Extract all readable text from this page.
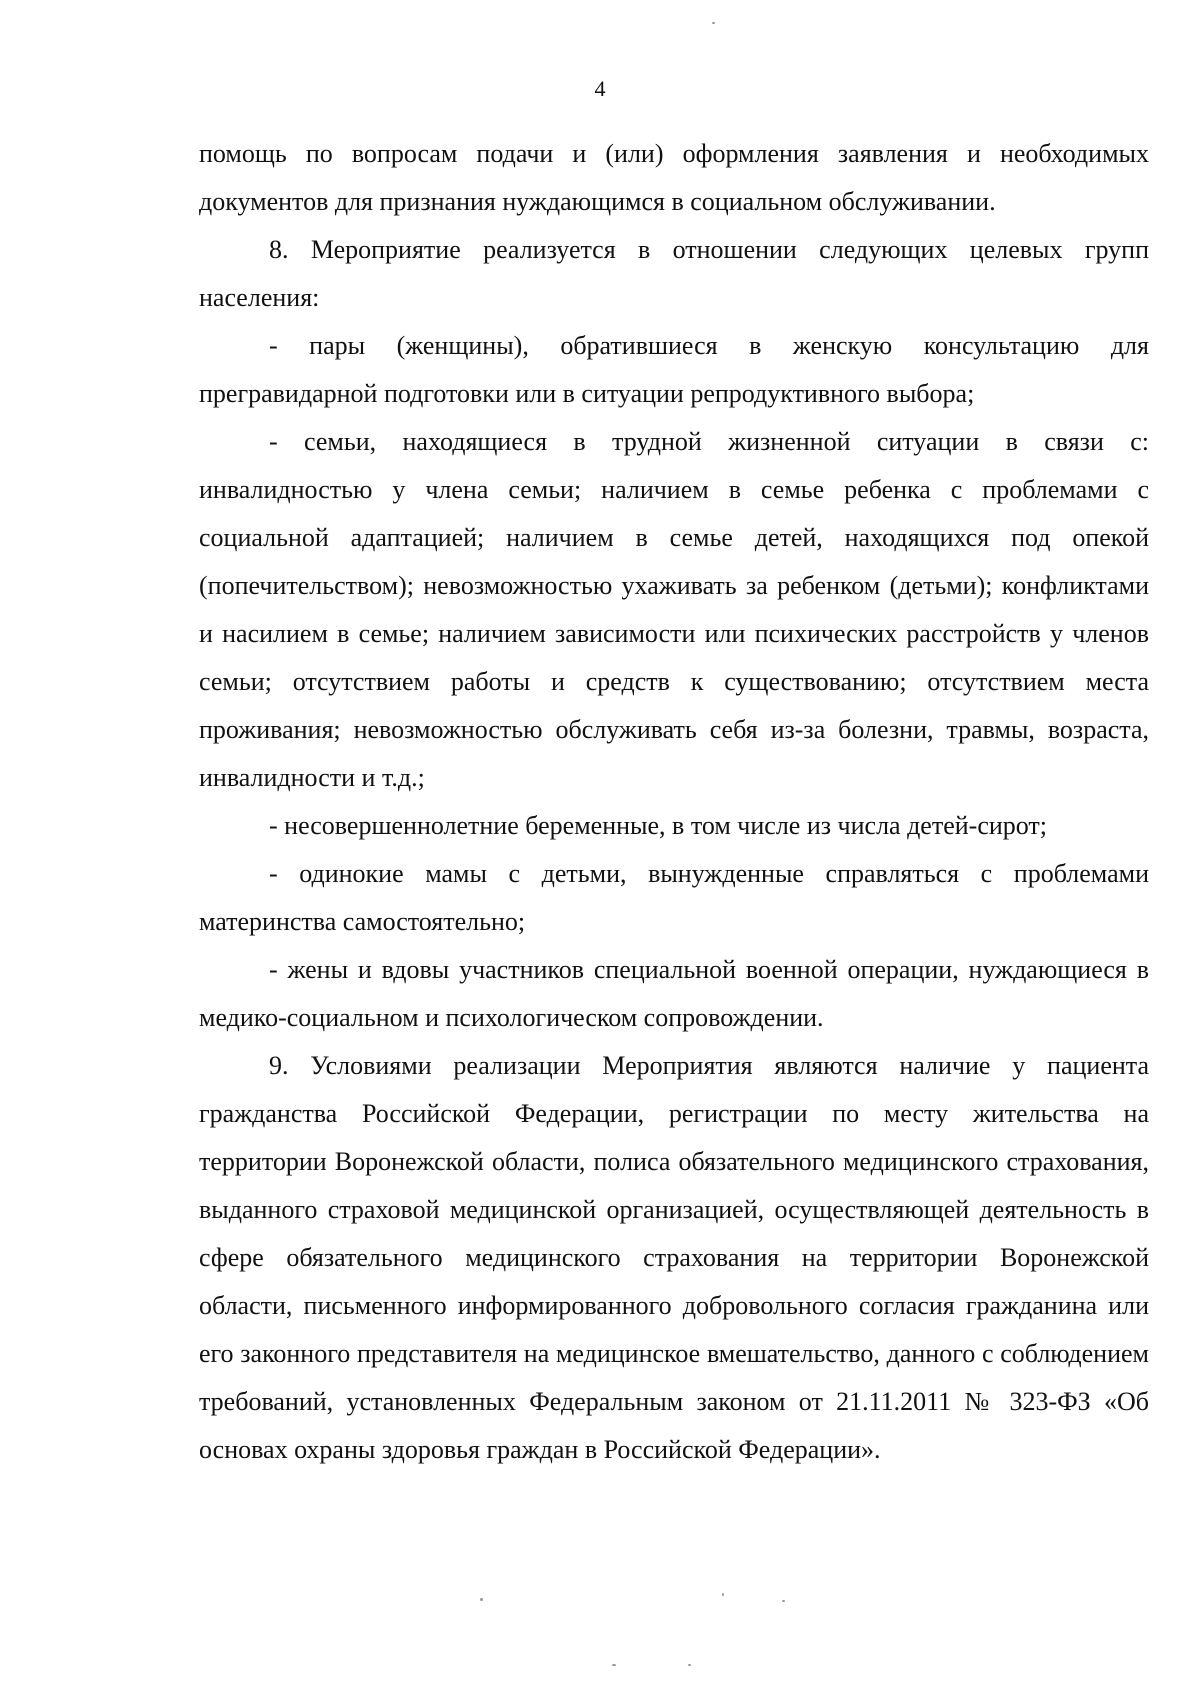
4

помощь по вопросам подачи и (или) оформления заявления и необходимых документов для признания нуждающимся в социальном обслуживании.

8. Мероприятие реализуется в отношении следующих целевых групп населения:

- пары (женщины), обратившиеся в женскую консультацию для прегравидарной подготовки или в ситуации репродуктивного выбора;

- семьи, находящиеся в трудной жизненной ситуации в связи с: инвалидностью у члена семьи; наличием в семье ребенка с проблемами с социальной адаптацией; наличием в семье детей, находящихся под опекой (попечительством); невозможностью ухаживать за ребенком (детьми); конфликтами и насилием в семье; наличием зависимости или психических расстройств у членов семьи; отсутствием работы и средств к существованию; отсутствием места проживания; невозможностью обслуживать себя из-за болезни, травмы, возраста, инвалидности и т.д.;

- несовершеннолетние беременные, в том числе из числа детей-сирот;

- одинокие мамы с детьми, вынужденные справляться с проблемами материнства самостоятельно;

- жены и вдовы участников специальной военной операции, нуждающиеся в медико-социальном и психологическом сопровождении.

9. Условиями реализации Мероприятия являются наличие у пациента гражданства Российской Федерации, регистрации по месту жительства на территории Воронежской области, полиса обязательного медицинского страхования, выданного страховой медицинской организацией, осуществляющей деятельность в сфере обязательного медицинского страхования на территории Воронежской области, письменного информированного добровольного согласия гражданина или его законного представителя на медицинское вмешательство, данного с соблюдением требований, установленных Федеральным законом от 21.11.2011 № 323-ФЗ «Об основах охраны здоровья граждан в Российской Федерации».
